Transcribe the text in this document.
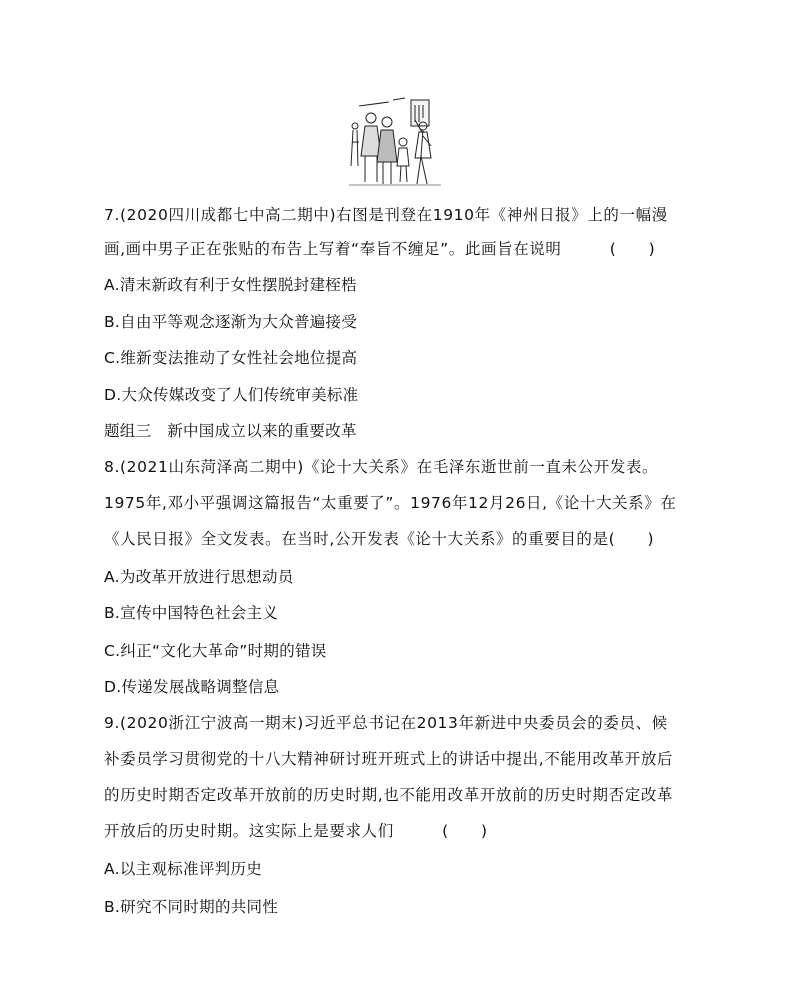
7.(2020四川成都七中高二期中)右图是刊登在1910年《神州日报》上的一幅漫
画,画中男子正在张贴的布告上写着“奉旨不缠足”。此画旨在说明　　　(　　)
A.清末新政有利于女性摆脱封建桎梏
B.自由平等观念逐渐为大众普遍接受
C.维新变法推动了女性社会地位提高
D.大众传媒改变了人们传统审美标准
题组三　新中国成立以来的重要改革
8.(2021山东菏泽高二期中)《论十大关系》在毛泽东逝世前一直未公开发表。
1975年,邓小平强调这篇报告“太重要了”。1976年12月26日,《论十大关系》在
《人民日报》全文发表。在当时,公开发表《论十大关系》的重要目的是(　　)
A.为改革开放进行思想动员
B.宣传中国特色社会主义
C.纠正“文化大革命”时期的错误
D.传递发展战略调整信息
9.(2020浙江宁波高一期末)习近平总书记在2013年新进中央委员会的委员、候
补委员学习贯彻党的十八大精神研讨班开班式上的讲话中提出,不能用改革开放后
的历史时期否定改革开放前的历史时期,也不能用改革开放前的历史时期否定改革
开放后的历史时期。这实际上是要求人们　　　(　　)
A.以主观标准评判历史
B.研究不同时期的共同性
